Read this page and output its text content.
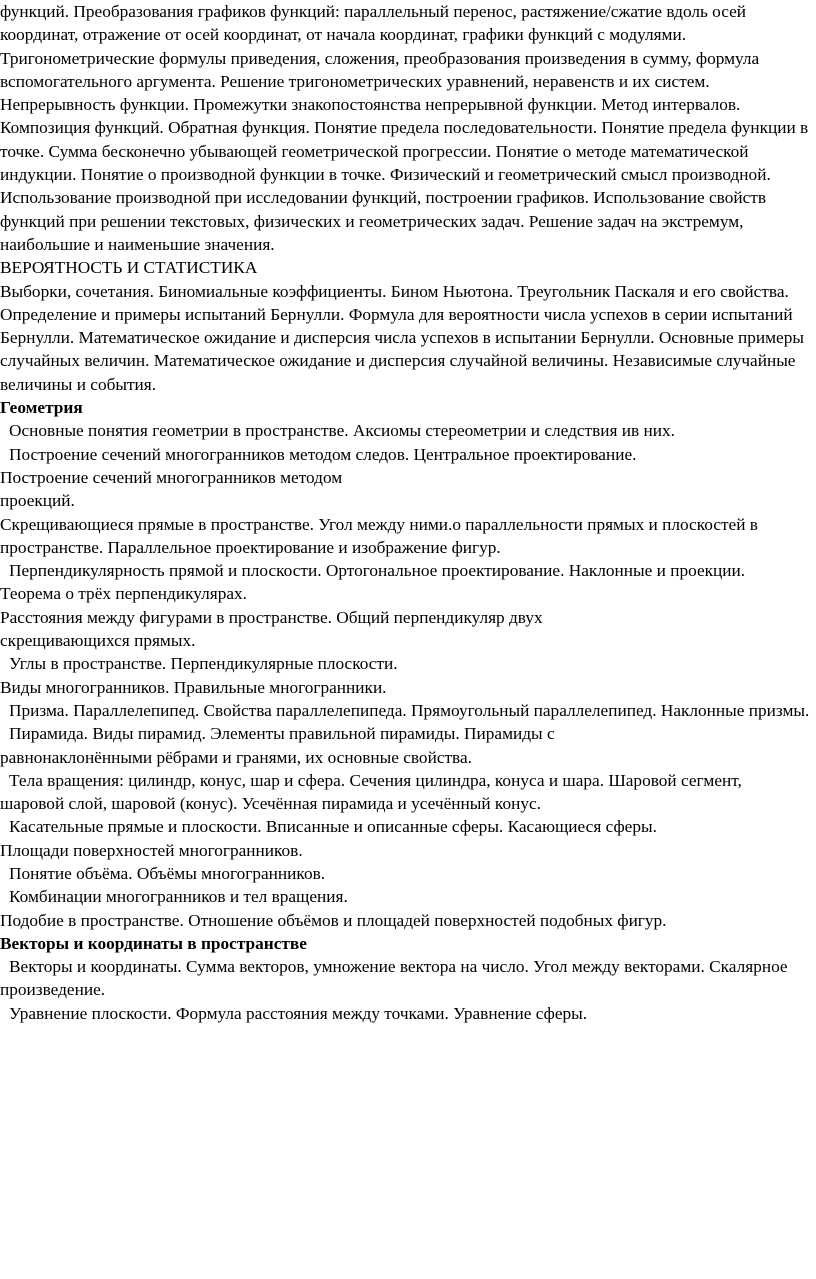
функций. Преобразования графиков функций: параллельный перенос, растяжение/сжатие вдоль осей координат, отражение от осей координат, от начала координат, графики функций с модулями. Тригонометрические формулы приведения, сложения, преобразования произведения в сумму, формула вспомогательного аргумента. Решение тригонометрических уравнений, неравенств и их систем. Непрерывность функции. Промежутки знакопостоянства непрерывной функции. Метод интервалов. Композиция функций. Обратная функция. Понятие предела последовательности. Понятие предела функции в точке. Сумма бесконечно убывающей геометрической прогрессии. Понятие о методе математической индукции. Понятие о производной функции в точке. Физический и геометрический смысл производной. Использование производной при исследовании функций, построении графиков. Использование свойств функций при решении текстовых, физических и геометрических задач. Решение задач на экстремум, наибольшие и наименьшие значения.

ВЕРОЯТНОСТЬ И СТАТИСТИКА

Выборки, сочетания. Биномиальные коэффициенты. Бином Ньютона. Треугольник Паскаля и его свойства. Определение и примеры испытаний Бернулли. Формула для вероятности числа успехов в серии испытаний Бернулли. Математическое ожидание и дисперсия числа успехов в испытании Бернулли. Основные примеры случайных величин. Математическое ожидание и дисперсия случайной величины. Независимые случайные величины и события.

Геометрия

Основные понятия геометрии в пространстве. Аксиомы стереометрии и следствия ив них.

Построение сечений многогранников методом следов. Центральное проектирование.

Построение сечений многогранников методом

проекций.

Скрещивающиеся прямые в пространстве. Угол между ними.о параллельности прямых и плоскостей в пространстве. Параллельное проектирование и изображение фигур.

Перпендикулярность прямой и плоскости. Ортогональное проектирование. Наклонные и проекции. Теорема о трёх перпендикулярах.

Расстояния между фигурами в пространстве. Общий перпендикуляр двух

скрещивающихся прямых.

Углы в пространстве. Перпендикулярные плоскости.

Виды многогранников. Правильные многогранники.

Призма. Параллелепипед. Свойства параллелепипеда. Прямоугольный параллелепипед. Наклонные призмы.

Пирамида. Виды пирамид. Элементы правильной пирамиды. Пирамиды с

равнонаклонёнными рёбрами и гранями, их основные свойства.

Тела вращения: цилиндр, конус, шар и сфера. Сечения цилиндра, конуса и шара. Шаровой сегмент, шаровой слой, шаровой (конус). Усечённая пирамида и усечённый конус.

Касательные прямые и плоскости. Вписанные и описанные сферы. Касающиеся сферы.

Площади поверхностей многогранников.

Понятие объёма. Объёмы многогранников.

Комбинации многогранников и тел вращения.

Подобие в пространстве. Отношение объёмов и площадей поверхностей подобных фигур.

Векторы и координаты в пространстве

Векторы и координаты. Сумма векторов, умножение вектора на число. Угол между векторами. Скалярное произведение.

Уравнение плоскости. Формула расстояния между точками. Уравнение сферы.
